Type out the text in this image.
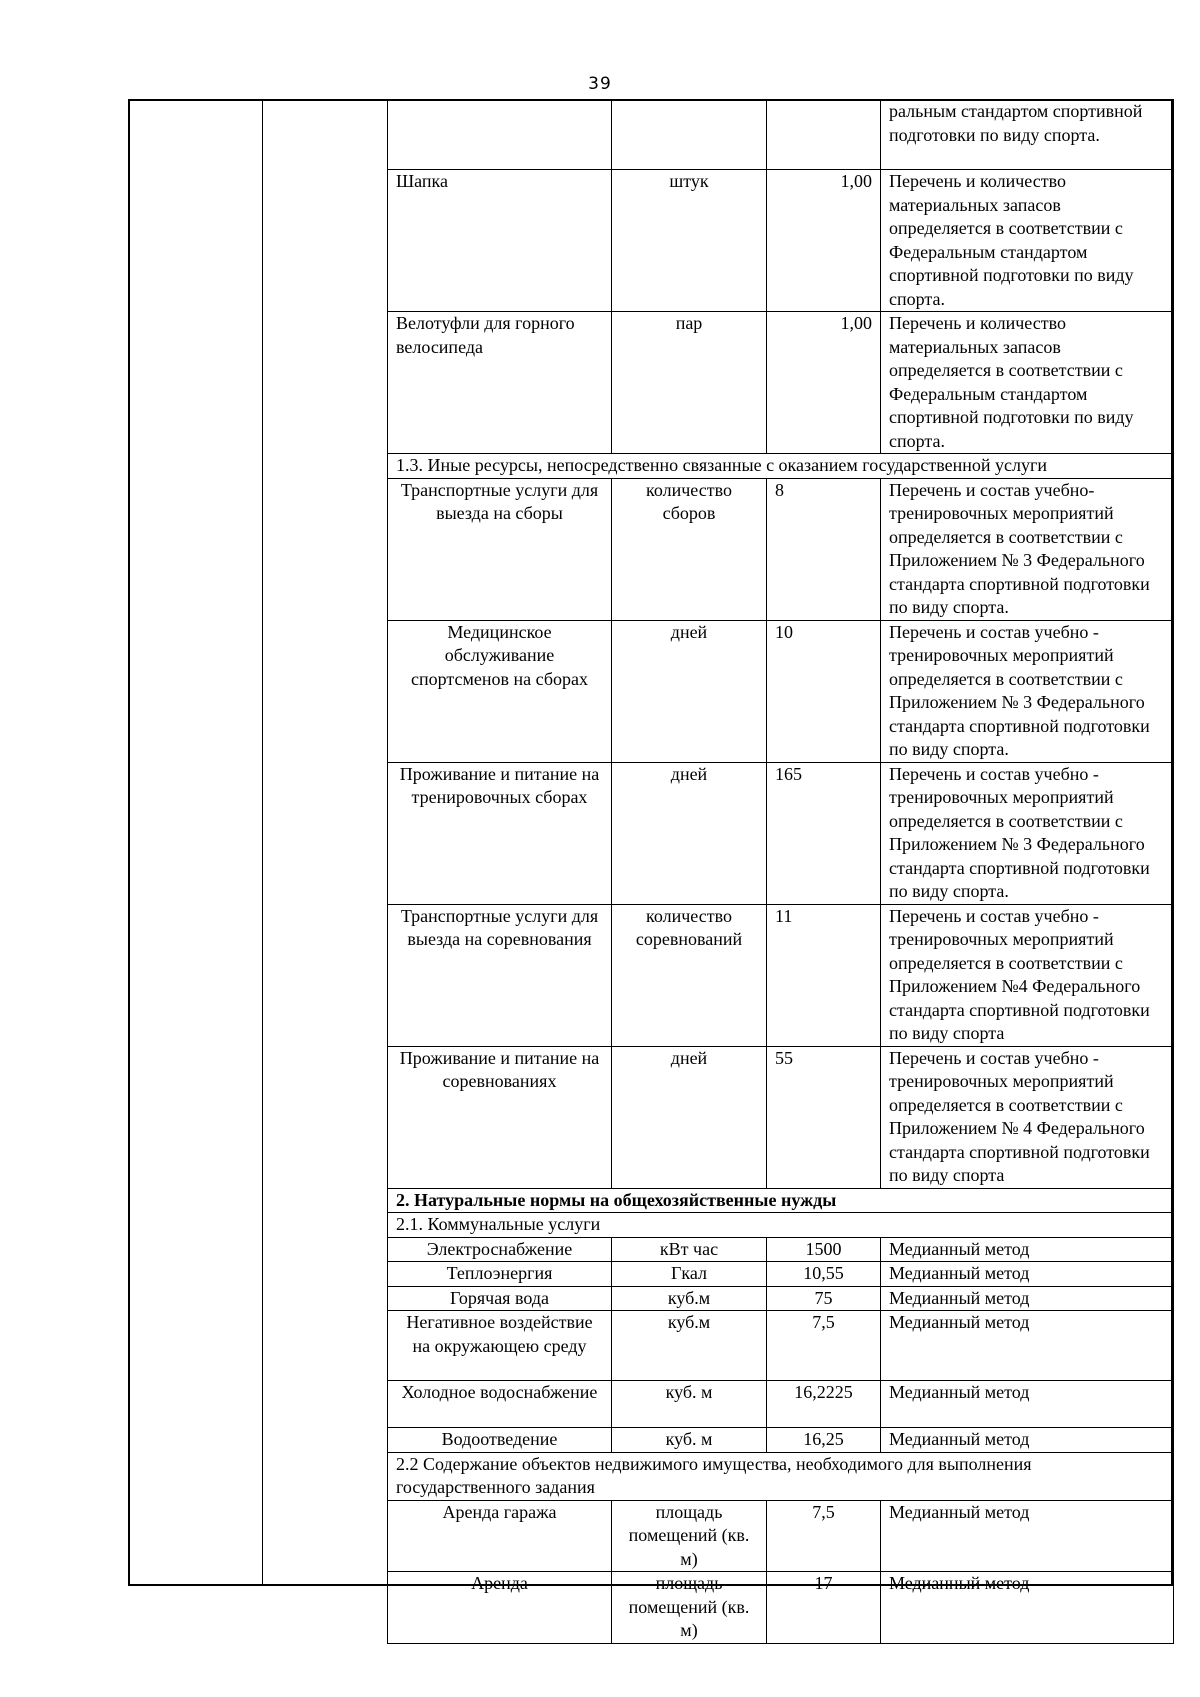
39
			ральным стандартом спортивной подготовки по виду спорта.
Шапка	штук	1,00	Перечень и количество материальных запасов определяется в соответствии с Федеральным стандартом спортивной подготовки по виду спорта.
Велотуфли для горного велосипеда	пар	1,00	Перечень и количество материальных запасов определяется в соответствии с Федеральным стандартом спортивной подготовки по виду спорта.
1.3. Иные ресурсы, непосредственно связанные с оказанием государственной услуги			
Транспортные услуги для выезда на сборы	количество сборов	8	Перечень и состав учебно-тренировочных мероприятий определяется в соответствии с Приложением № 3 Федерального стандарта спортивной подготовки по виду спорта.
Медицинское обслуживание спортсменов на сборах	дней	10	Перечень и состав учебно - тренировочных мероприятий определяется в соответствии с Приложением № 3 Федерального стандарта спортивной подготовки по виду спорта.
Проживание и питание на тренировочных сборах	дней	165	Перечень и состав учебно - тренировочных мероприятий определяется в соответствии с Приложением № 3 Федерального стандарта спортивной подготовки по виду спорта.
Транспортные услуги для выезда на соревнования	количество соревнований	11	Перечень и состав учебно - тренировочных мероприятий определяется в соответствии с Приложением №4 Федерального стандарта спортивной подготовки по виду спорта
Проживание и питание на соревнованиях	дней	55	Перечень и состав учебно - тренировочных мероприятий определяется в соответствии с Приложением № 4 Федерального стандарта спортивной подготовки по виду спорта
2. Натуральные нормы на общехозяйственные нужды			
2.1. Коммунальные услуги			
Электроснабжение	кВт час	1500	Медианный метод
Теплоэнергия	Гкал	10,55	Медианный метод
Горячая вода	куб.м	75	Медианный метод
Негативное воздействие на окружающею среду	куб.м	7,5	Медианный метод
Холодное водоснабжение	куб. м	16,2225	Медианный метод
Водоотведение	куб. м	16,25	Медианный метод
2.2 Содержание объектов недвижимого имущества, необходимого для выполнения государственного задания			
Аренда гаража	площадь помещений (кв. м)	7,5	Медианный метод
Аренда	площадь помещений (кв. м)	17	Медианный метод
